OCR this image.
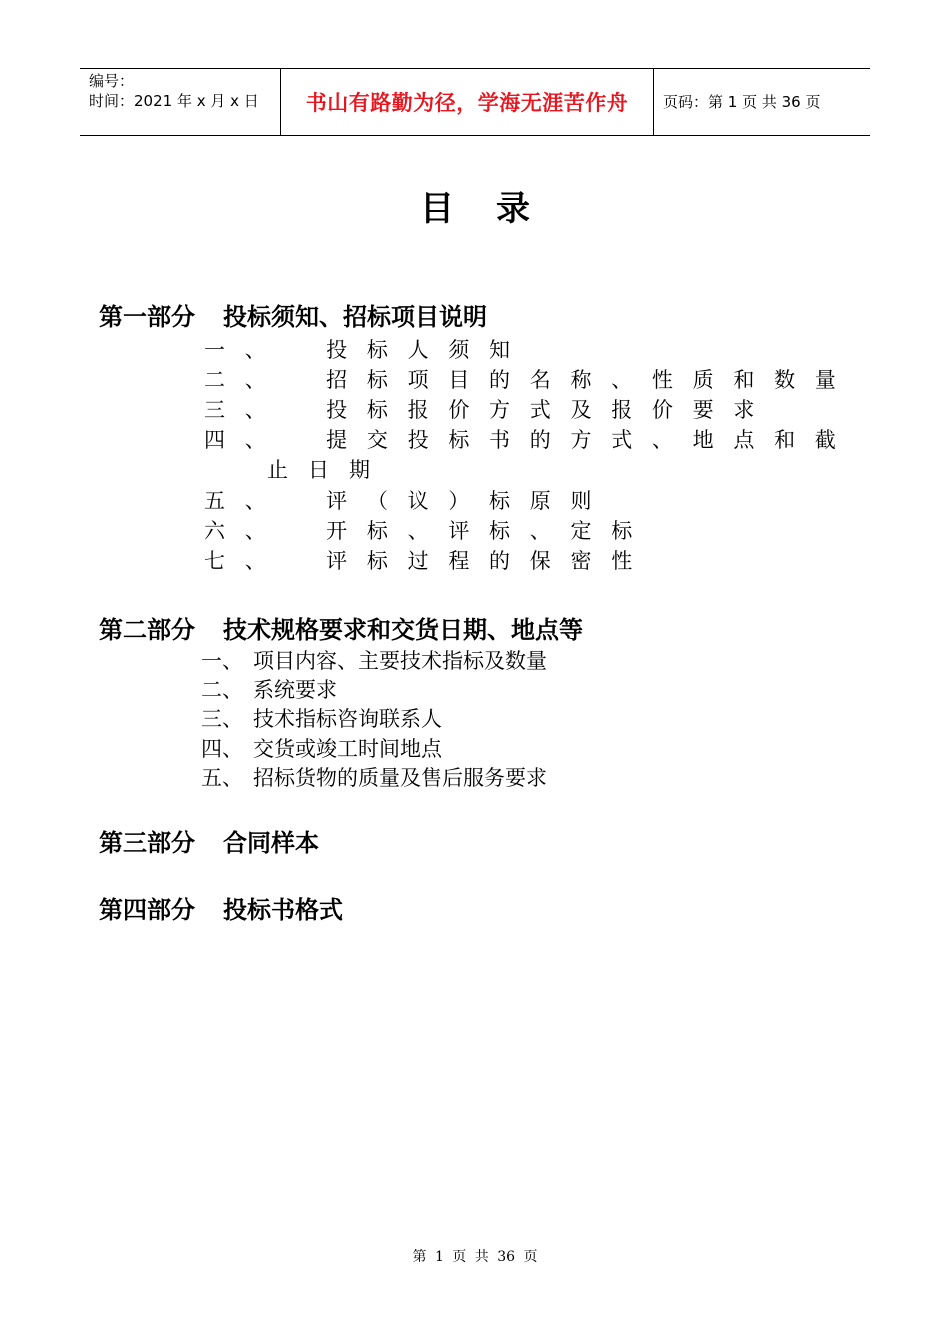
编号：
时间：2021 年 x 月 x 日	书山有路勤为径，学海无涯苦作舟 页码：第 1 页 共 36 页
目录
第一部分 投标须知、招标项目说明
一 、	投 标 人 须 知
二 、	招 标 项 目 的 名 称 、 性 质 和 数 量
三 、	投 标 报 价 方 式 及 报 价 要 求
四 、	提 交 投 标 书 的 方 式 、 地 点 和 截
止日期
五 、	评 （ 议 ） 标 原 则
六 、	开 标 、 评 标 、 定 标
七 、	评 标 过 程 的 保 密 性
第二部分 技术规格要求和交货日期、地点等
一、 项目内容、主要技术指标及数量
二、 系统要求
三、 技术指标咨询联系人
四、 交货或竣工时间地点
五、 招标货物的质量及售后服务要求
第三部分 合同样本
第四部分 投标书格式
第 1 页 共 36 页
